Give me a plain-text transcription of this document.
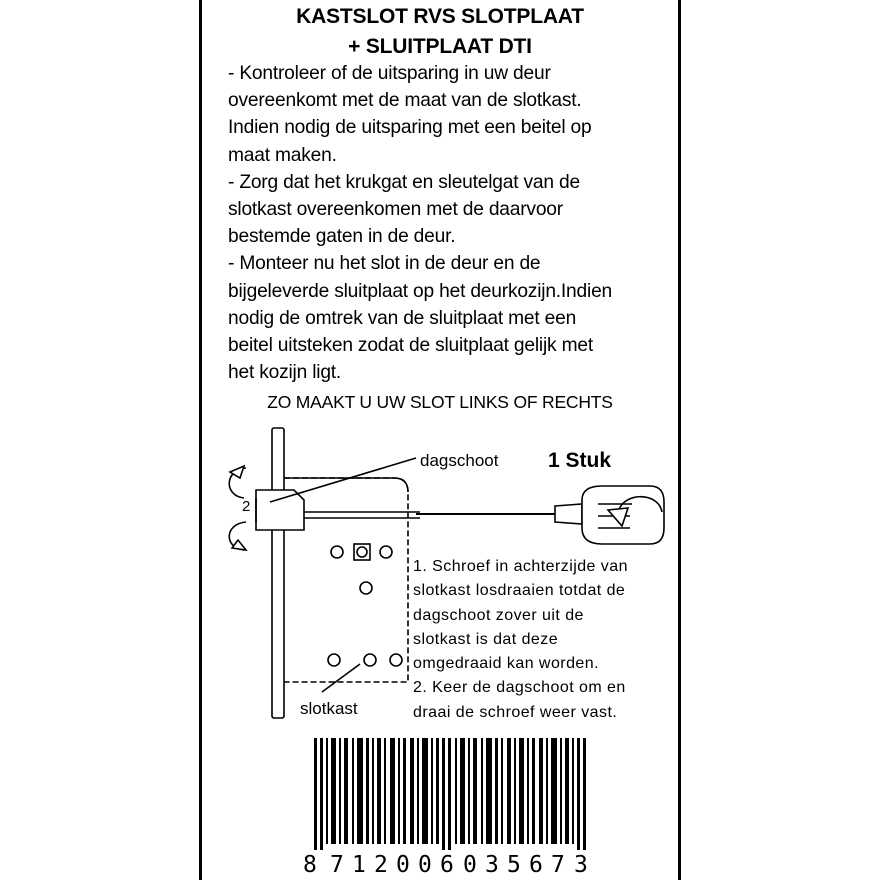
KASTSLOT RVS SLOTPLAAT
+ SLUITPLAAT DTI
- Kontroleer of de uitsparing in uw deur
overeenkomt met de maat van de slotkast.
Indien nodig de uitsparing met een beitel op
maat maken.
- Zorg dat het krukgat en sleutelgat van de
slotkast overeenkomen met de daarvoor
bestemde gaten in de deur.
- Monteer nu het slot in de deur en de
bijgeleverde sluitplaat op het deurkozijn.Indien
nodig de omtrek van de sluitplaat met een
beitel uitsteken zodat de sluitplaat gelijk met
het kozijn ligt.
ZO MAAKT U UW SLOT LINKS OF RECHTS
1 Stuk
dagschoot
slotkast
2
1. Schroef in achterzijde van
slotkast losdraaien totdat de
dagschoot zover uit de
slotkast is dat deze
omgedraaid kan worden.
2. Keer de dagschoot om en
draai de schroef weer vast.
8 7 1 2 0 0 6 0 3 5 6 7 3
